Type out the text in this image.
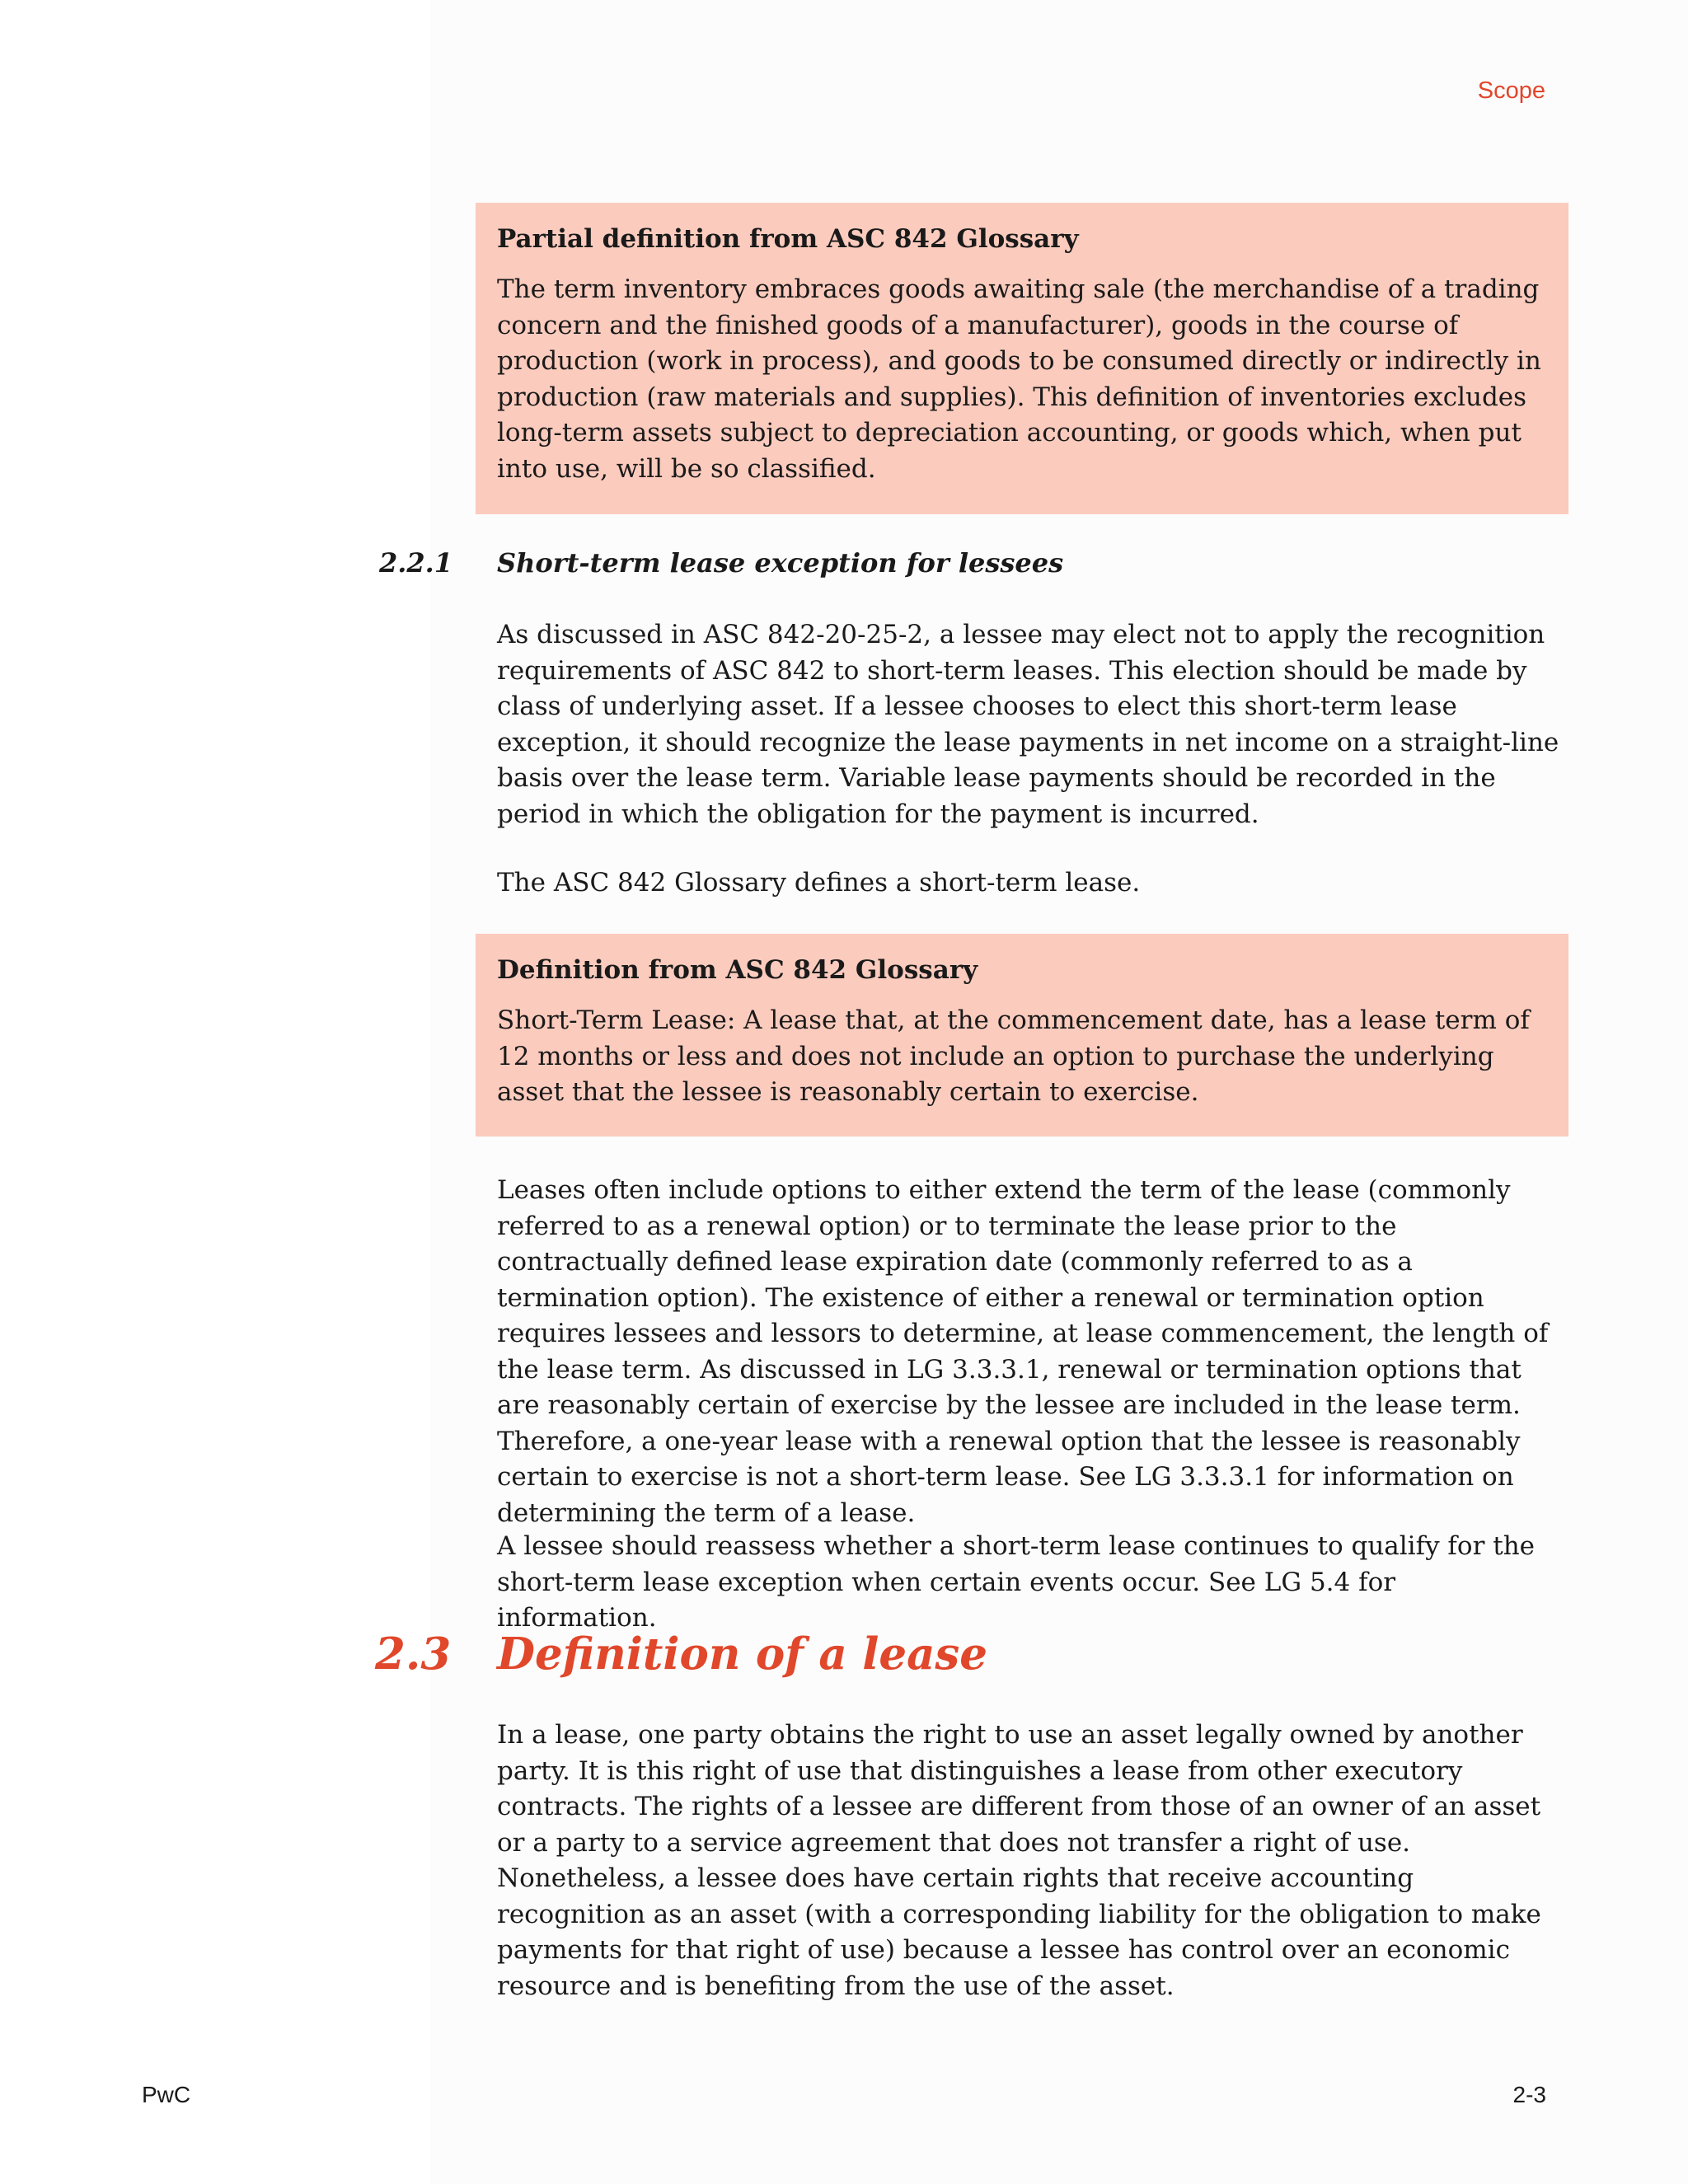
Scope
Partial definition from ASC 842 Glossary

The term inventory embraces goods awaiting sale (the merchandise of a trading concern and the finished goods of a manufacturer), goods in the course of production (work in process), and goods to be consumed directly or indirectly in production (raw materials and supplies). This definition of inventories excludes long-term assets subject to depreciation accounting, or goods which, when put into use, will be so classified.

2.2.1 Short-term lease exception for lessees

As discussed in ASC 842-20-25-2, a lessee may elect not to apply the recognition requirements of ASC 842 to short-term leases. This election should be made by class of underlying asset. If a lessee chooses to elect this short-term lease exception, it should recognize the lease payments in net income on a straight-line basis over the lease term. Variable lease payments should be recorded in the period in which the obligation for the payment is incurred.

The ASC 842 Glossary defines a short-term lease.

Definition from ASC 842 Glossary

Short-Term Lease: A lease that, at the commencement date, has a lease term of 12 months or less and does not include an option to purchase the underlying asset that the lessee is reasonably certain to exercise.

Leases often include options to either extend the term of the lease (commonly referred to as a renewal option) or to terminate the lease prior to the contractually defined lease expiration date (commonly referred to as a termination option). The existence of either a renewal or termination option requires lessees and lessors to determine, at lease commencement, the length of the lease term. As discussed in LG 3.3.3.1, renewal or termination options that are reasonably certain of exercise by the lessee are included in the lease term. Therefore, a one-year lease with a renewal option that the lessee is reasonably certain to exercise is not a short-term lease. See LG 3.3.3.1 for information on determining the term of a lease.

A lessee should reassess whether a short-term lease continues to qualify for the short-term lease exception when certain events occur. See LG 5.4 for information.

2.3 Definition of a lease

In a lease, one party obtains the right to use an asset legally owned by another party. It is this right of use that distinguishes a lease from other executory contracts. The rights of a lessee are different from those of an owner of an asset or a party to a service agreement that does not transfer a right of use. Nonetheless, a lessee does have certain rights that receive accounting recognition as an asset (with a corresponding liability for the obligation to make payments for that right of use) because a lessee has control over an economic resource and is benefiting from the use of the asset.

PwC	2-3
